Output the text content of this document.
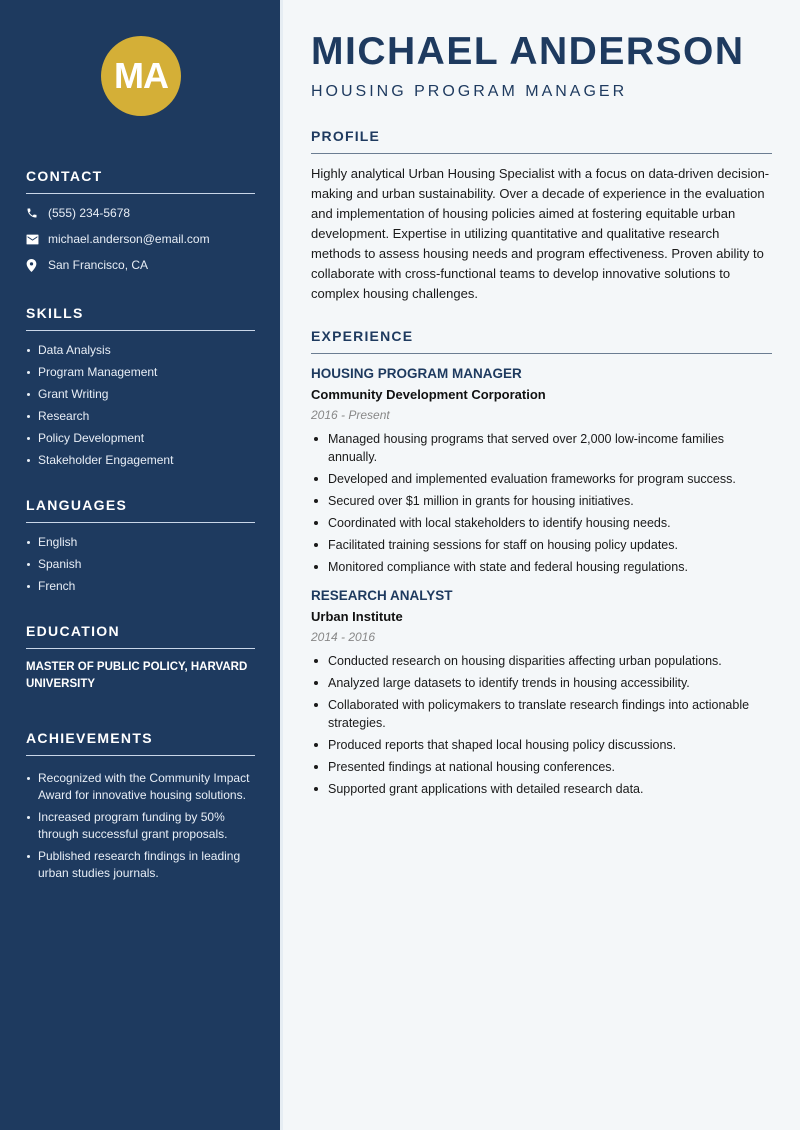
MA
CONTACT
(555) 234-5678
michael.anderson@email.com
San Francisco, CA
SKILLS
Data Analysis
Program Management
Grant Writing
Research
Policy Development
Stakeholder Engagement
LANGUAGES
English
Spanish
French
EDUCATION
MASTER OF PUBLIC POLICY, HARVARD UNIVERSITY
ACHIEVEMENTS
Recognized with the Community Impact Award for innovative housing solutions.
Increased program funding by 50% through successful grant proposals.
Published research findings in leading urban studies journals.
MICHAEL ANDERSON
HOUSING PROGRAM MANAGER
PROFILE

Highly analytical Urban Housing Specialist with a focus on data-driven decision-making and urban sustainability. Over a decade of experience in the evaluation and implementation of housing policies aimed at fostering equitable urban development. Expertise in utilizing quantitative and qualitative research methods to assess housing needs and program effectiveness. Proven ability to collaborate with cross-functional teams to develop innovative solutions to complex housing challenges.

EXPERIENCE
HOUSING PROGRAM MANAGER
Community Development Corporation
2016 - Present
Managed housing programs that served over 2,000 low-income families annually.
Developed and implemented evaluation frameworks for program success.
Secured over $1 million in grants for housing initiatives.
Coordinated with local stakeholders to identify housing needs.
Facilitated training sessions for staff on housing policy updates.
Monitored compliance with state and federal housing regulations.
RESEARCH ANALYST
Urban Institute
2014 - 2016
Conducted research on housing disparities affecting urban populations.
Analyzed large datasets to identify trends in housing accessibility.
Collaborated with policymakers to translate research findings into actionable strategies.
Produced reports that shaped local housing policy discussions.
Presented findings at national housing conferences.
Supported grant applications with detailed research data.
